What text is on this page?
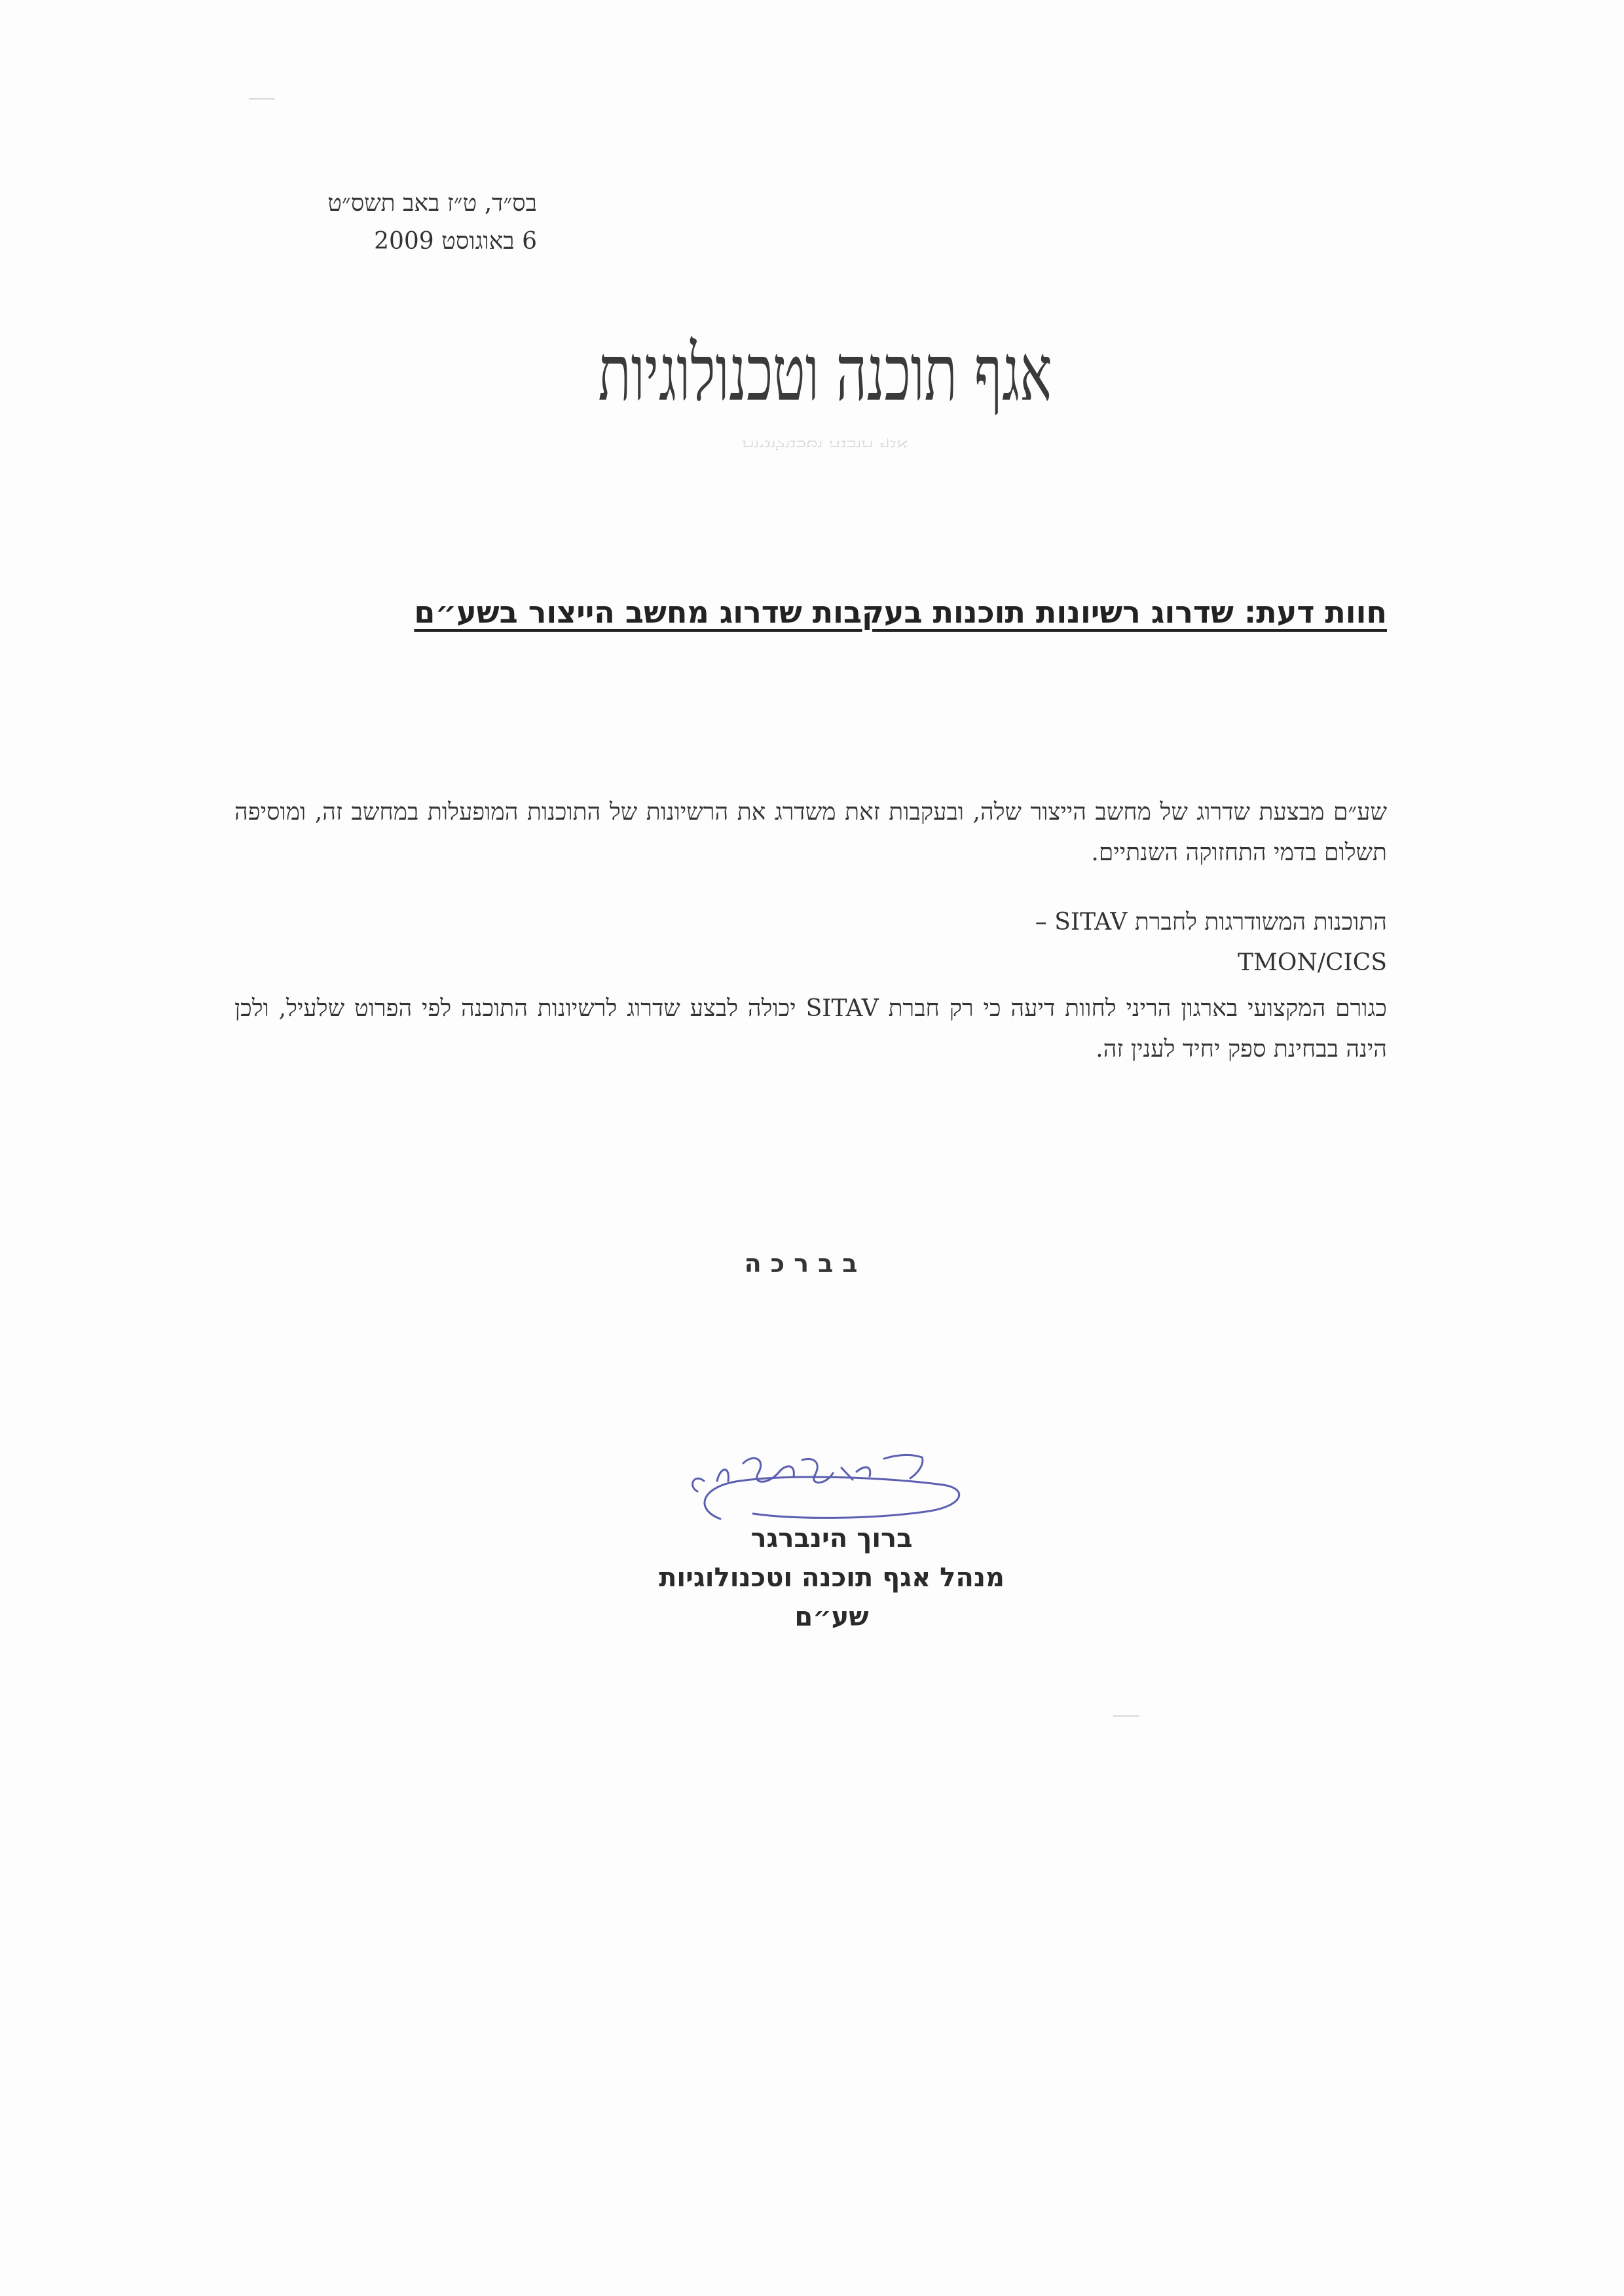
בס״ד, ט״ז באב תשס״ט
6 באוגוסט 2009
אגף תוכנה וטכנולוגיות
אגף תוכנה וטכנולוגיות
חוות דעת: שדרוג רשיונות תוכנות בעקבות שדרוג מחשב הייצור בשע״ם
שע״ם מבצעת שדרוג של מחשב הייצור שלה, ובעקבות זאת משדרג את הרשיונות של התוכנות המופעלות במחשב זה, ומוסיפה תשלום בדמי התחזוקה השנתיים.
התוכנות המשודרגות לחברת SITAV –
TMON/CICS
כגורם המקצועי בארגון הריני לחוות דיעה כי רק חברת SITAV יכולה לבצע שדרוג לרשיונות התוכנה לפי הפרוט שלעיל, ולכן הינה בבחינת ספק יחיד לענין זה.
בברכה
ברוך הינברגר
מנהל אגף תוכנה וטכנולוגיות
שע״ם
